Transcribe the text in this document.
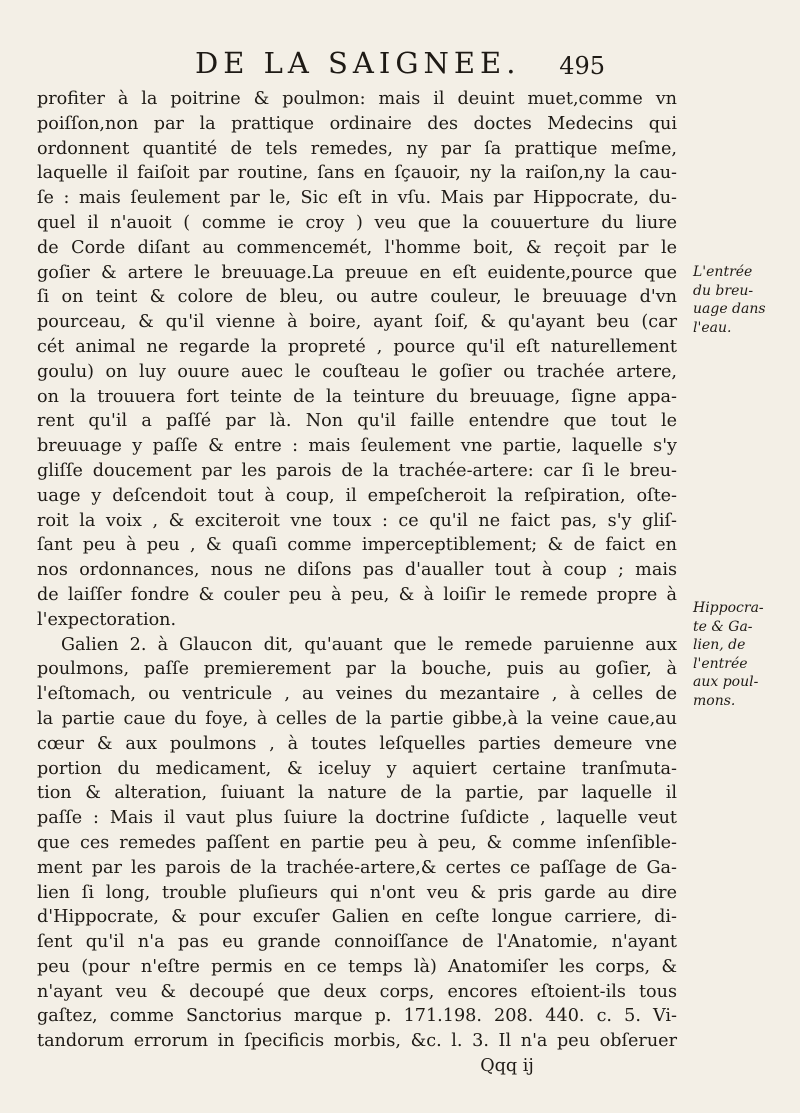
DE LA SAIGNEE. 495
profiter à la poitrine & poulmon: mais il deuint muet,comme vn
poiſſon,non par la prattique ordinaire des doctes Medecins qui
ordonnent quantité de tels remedes, ny par ſa prattique meſme,
laquelle il faiſoit par routine, ſans en ſçauoir, ny la raiſon,ny la cau-
ſe : mais ſeulement par le, Sic eſt in vſu. Mais par Hippocrate, du-
quel il n'auoit ( comme ie croy ) veu que la couuerture du liure
de Corde diſant au commencemét, l'homme boit, & reçoit par le
goſier & artere le breuuage.La preuue en eſt euidente,pource que
ſi on teint & colore de bleu, ou autre couleur, le breuuage d'vn
pourceau, & qu'il vienne à boire, ayant ſoif, & qu'ayant beu (car
cét animal ne regarde la propreté , pource qu'il eſt naturellement
goulu) on luy ouure auec le couſteau le goſier ou trachée artere,
on la trouuera fort teinte de la teinture du breuuage, ſigne appa-
rent qu'il a paſſé par là. Non qu'il faille entendre que tout le
breuuage y paſſe & entre : mais ſeulement vne partie, laquelle s'y
gliſſe doucement par les parois de la trachée-artere: car ſi le breu-
uage y deſcendoit tout à coup, il empeſcheroit la reſpiration, oſte-
roit la voix , & exciteroit vne toux : ce qu'il ne faict pas, s'y gliſ-
ſant peu à peu , & quaſi comme imperceptiblement; & de faict en
nos ordonnances, nous ne diſons pas d'aualler tout à coup ; mais
de laiſſer fondre & couler peu à peu, & à loiſir le remede propre à
l'expectoration.
Galien 2. à Glaucon dit, qu'auant que le remede paruienne aux
poulmons, paſſe premierement par la bouche, puis au goſier, à
l'eſtomach, ou ventricule , au veines du mezantaire , à celles de
la partie caue du foye, à celles de la partie gibbe,à la veine caue,au
cœur & aux poulmons , à toutes leſquelles parties demeure vne
portion du medicament, & iceluy y aquiert certaine tranſmuta-
tion & alteration, ſuiuant la nature de la partie, par laquelle il
paſſe : Mais il vaut plus ſuiure la doctrine ſuſdicte , laquelle veut
que ces remedes paſſent en partie peu à peu, & comme inſenſible-
ment par les parois de la trachée-artere,& certes ce paſſage de Ga-
lien ſi long, trouble pluſieurs qui n'ont veu & pris garde au dire
d'Hippocrate, & pour excuſer Galien en ceſte longue carriere, di-
ſent qu'il n'a pas eu grande connoiſſance de l'Anatomie, n'ayant
peu (pour n'eſtre permis en ce temps là) Anatomiſer les corps, &
n'ayant veu & decoupé que deux corps, encores eſtoient-ils tous
gaſtez, comme Sanctorius marque p. 171.198. 208. 440. c. 5. Vi-
tandorum errorum in ſpecificis morbis, &c. l. 3. Il n'a peu obſeruer
Qqq ij
L'entrée
du breu-
uage dans
l'eau.
Hippocra-
te & Ga-
lien, de
l'entrée
aux poul-
mons.
